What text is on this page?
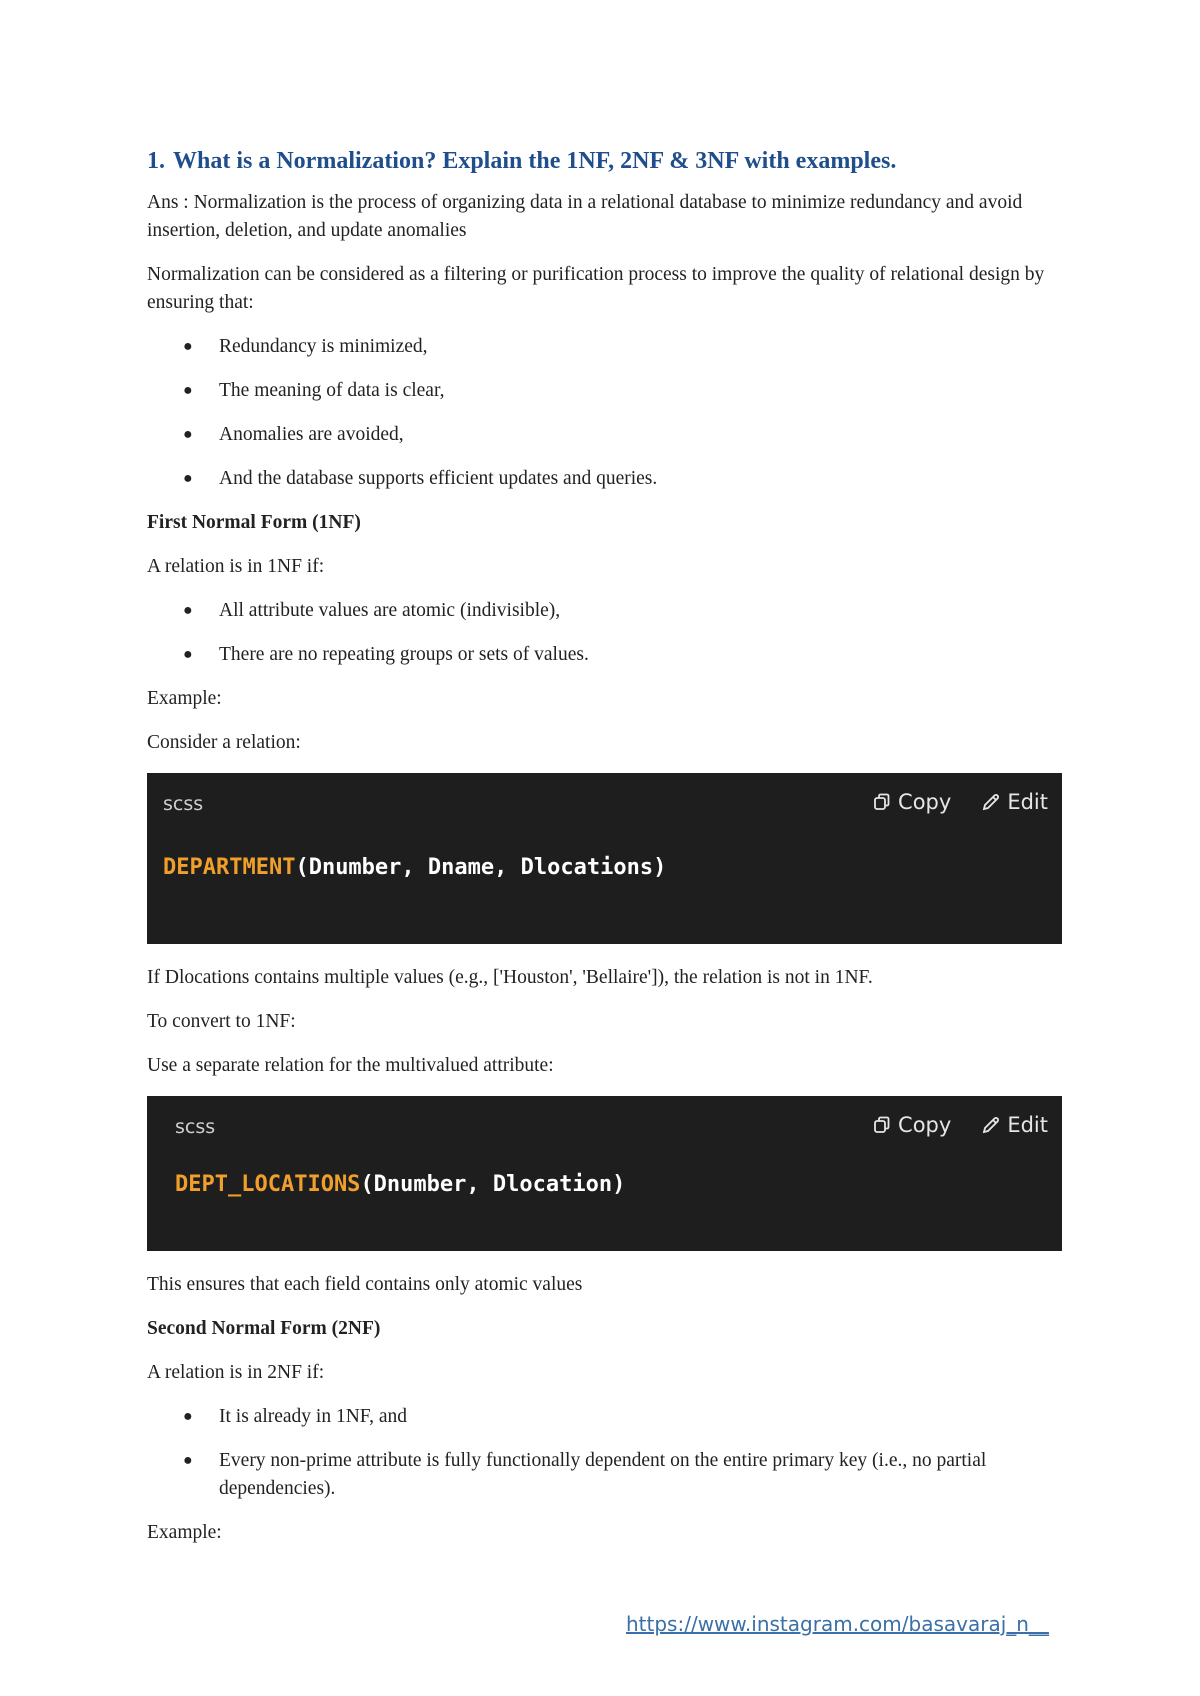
1. What is a Normalization? Explain the 1NF, 2NF & 3NF with examples.

Ans : Normalization is the process of organizing data in a relational database to minimize redundancy and avoid insertion, deletion, and update anomalies

Normalization can be considered as a filtering or purification process to improve the quality of relational design by ensuring that:

● Redundancy is minimized,
● The meaning of data is clear,
● Anomalies are avoided,
● And the database supports efficient updates and queries.
First Normal Form (1NF)

A relation is in 1NF if:

● All attribute values are atomic (indivisible),
● There are no repeating groups or sets of values.

Example:

Consider a relation:

scss	Copy	Edit
DEPARTMENT(Dnumber, Dname, Dlocations)

If Dlocations contains multiple values (e.g., ['Houston', 'Bellaire']), the relation is not in 1NF.

To convert to 1NF:

Use a separate relation for the multivalued attribute:

scss	Copy	Edit
DEPT_LOCATIONS(Dnumber, Dlocation)

This ensures that each field contains only atomic values

Second Normal Form (2NF)

A relation is in 2NF if:

● It is already in 1NF, and
● Every non-prime attribute is fully functionally dependent on the entire primary key (i.e., no partial dependencies).

Example:

https://www.instagram.com/basavaraj_n__
